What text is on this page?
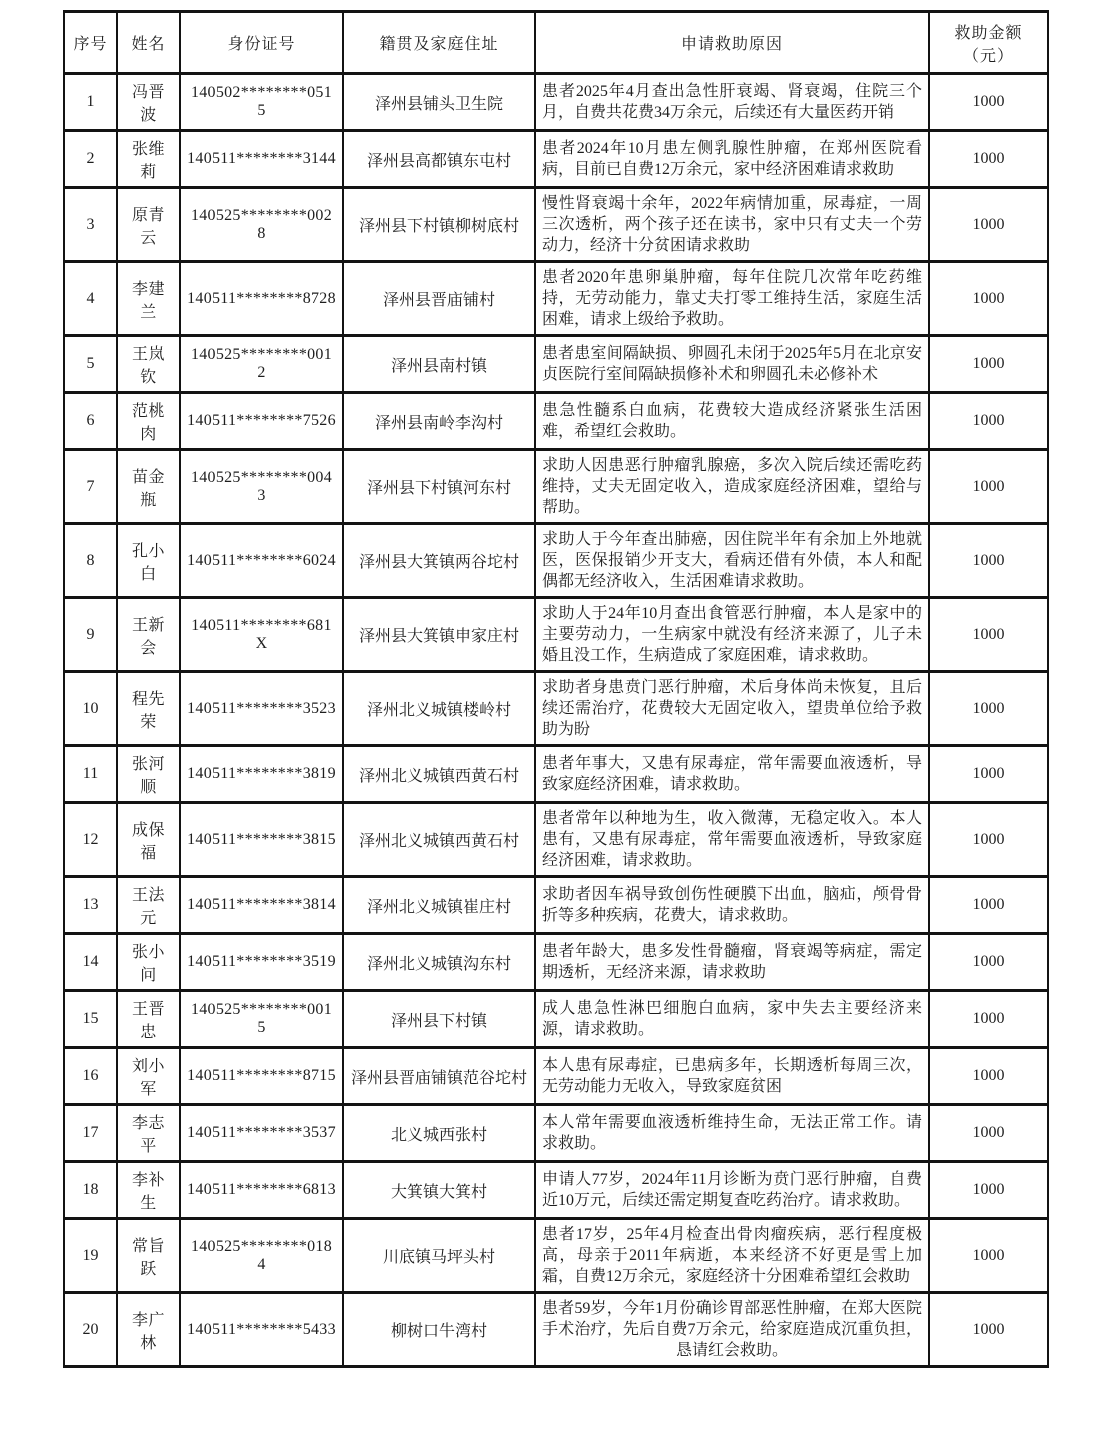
序号	姓名	身份证号	籍贯及家庭住址	申请救助原因	救助金额（元）
1	冯晋波	140502********0515	泽州县铺头卫生院	患者2025年4月查出急性肝衰竭、肾衰竭，住院三个月，自费共花费34万余元，后续还有大量医药开销	1000
2	张维莉	140511********3144	泽州县高都镇东屯村	患者2024年10月患左侧乳腺性肿瘤，在郑州医院看病，目前已自费12万余元，家中经济困难请求救助	1000
3	原青云	140525********0028	泽州县下村镇柳树底村	慢性肾衰竭十余年，2022年病情加重，尿毒症，一周三次透析，两个孩子还在读书，家中只有丈夫一个劳动力，经济十分贫困请求救助	1000
4	李建兰	140511********8728	泽州县晋庙铺村	患者2020年患卵巢肿瘤，每年住院几次常年吃药维持，无劳动能力，靠丈夫打零工维持生活，家庭生活困难，请求上级给予救助。	1000
5	王岚钦	140525********0012	泽州县南村镇	患者患室间隔缺损、卵圆孔未闭于2025年5月在北京安贞医院行室间隔缺损修补术和卵圆孔未必修补术	1000
6	范桃肉	140511********7526	泽州县南岭李沟村	患急性髓系白血病，花费较大造成经济紧张生活困难，希望红会救助。	1000
7	苗金瓶	140525********0043	泽州县下村镇河东村	求助人因患恶行肿瘤乳腺癌，多次入院后续还需吃药维持，丈夫无固定收入，造成家庭经济困难，望给与帮助。	1000
8	孔小白	140511********6024	泽州县大箕镇两谷坨村	求助人于今年查出肺癌，因住院半年有余加上外地就医，医保报销少开支大，看病还借有外债，本人和配偶都无经济收入，生活困难请求救助。	1000
9	王新会	140511********681X	泽州县大箕镇申家庄村	求助人于24年10月查出食管恶行肿瘤，本人是家中的主要劳动力，一生病家中就没有经济来源了，儿子未婚且没工作，生病造成了家庭困难，请求救助。	1000
10	程先荣	140511********3523	泽州北义城镇楼岭村	求助者身患贲门恶行肿瘤，术后身体尚未恢复，且后续还需治疗，花费较大无固定收入，望贵单位给予救助为盼	1000
11	张河顺	140511********3819	泽州北义城镇西黄石村	患者年事大，又患有尿毒症，常年需要血液透析，导致家庭经济困难，请求救助。	1000
12	成保福	140511********3815	泽州北义城镇西黄石村	患者常年以种地为生，收入微薄，无稳定收入。本人患有，又患有尿毒症，常年需要血液透析，导致家庭经济困难，请求救助。	1000
13	王法元	140511********3814	泽州北义城镇崔庄村	求助者因车祸导致创伤性硬膜下出血，脑疝，颅骨骨折等多种疾病，花费大，请求救助。	1000
14	张小问	140511********3519	泽州北义城镇沟东村	患者年龄大，患多发性骨髓瘤，肾衰竭等病症，需定期透析，无经济来源，请求救助	1000
15	王晋忠	140525********0015	泽州县下村镇	成人患急性淋巴细胞白血病，家中失去主要经济来源，请求救助。	1000
16	刘小军	140511********8715	泽州县晋庙铺镇范谷坨村	本人患有尿毒症，已患病多年，长期透析每周三次，无劳动能力无收入，导致家庭贫困	1000
17	李志平	140511********3537	北义城西张村	本人常年需要血液透析维持生命，无法正常工作。请求救助。	1000
18	李补生	140511********6813	大箕镇大箕村	申请人77岁，2024年11月诊断为贲门恶行肿瘤，自费近10万元，后续还需定期复查吃药治疗。请求救助。	1000
19	常旨跃	140525********0184	川底镇马坪头村	患者17岁，25年4月检查出骨肉瘤疾病，恶行程度极高，母亲于2011年病逝，本来经济不好更是雪上加霜，自费12万余元，家庭经济十分困难希望红会救助	1000
20	李广林	140511********5433	柳树口牛湾村	患者59岁，今年1月份确诊胃部恶性肿瘤，在郑大医院手术治疗，先后自费7万余元，给家庭造成沉重负担，恳请红会救助。	1000
